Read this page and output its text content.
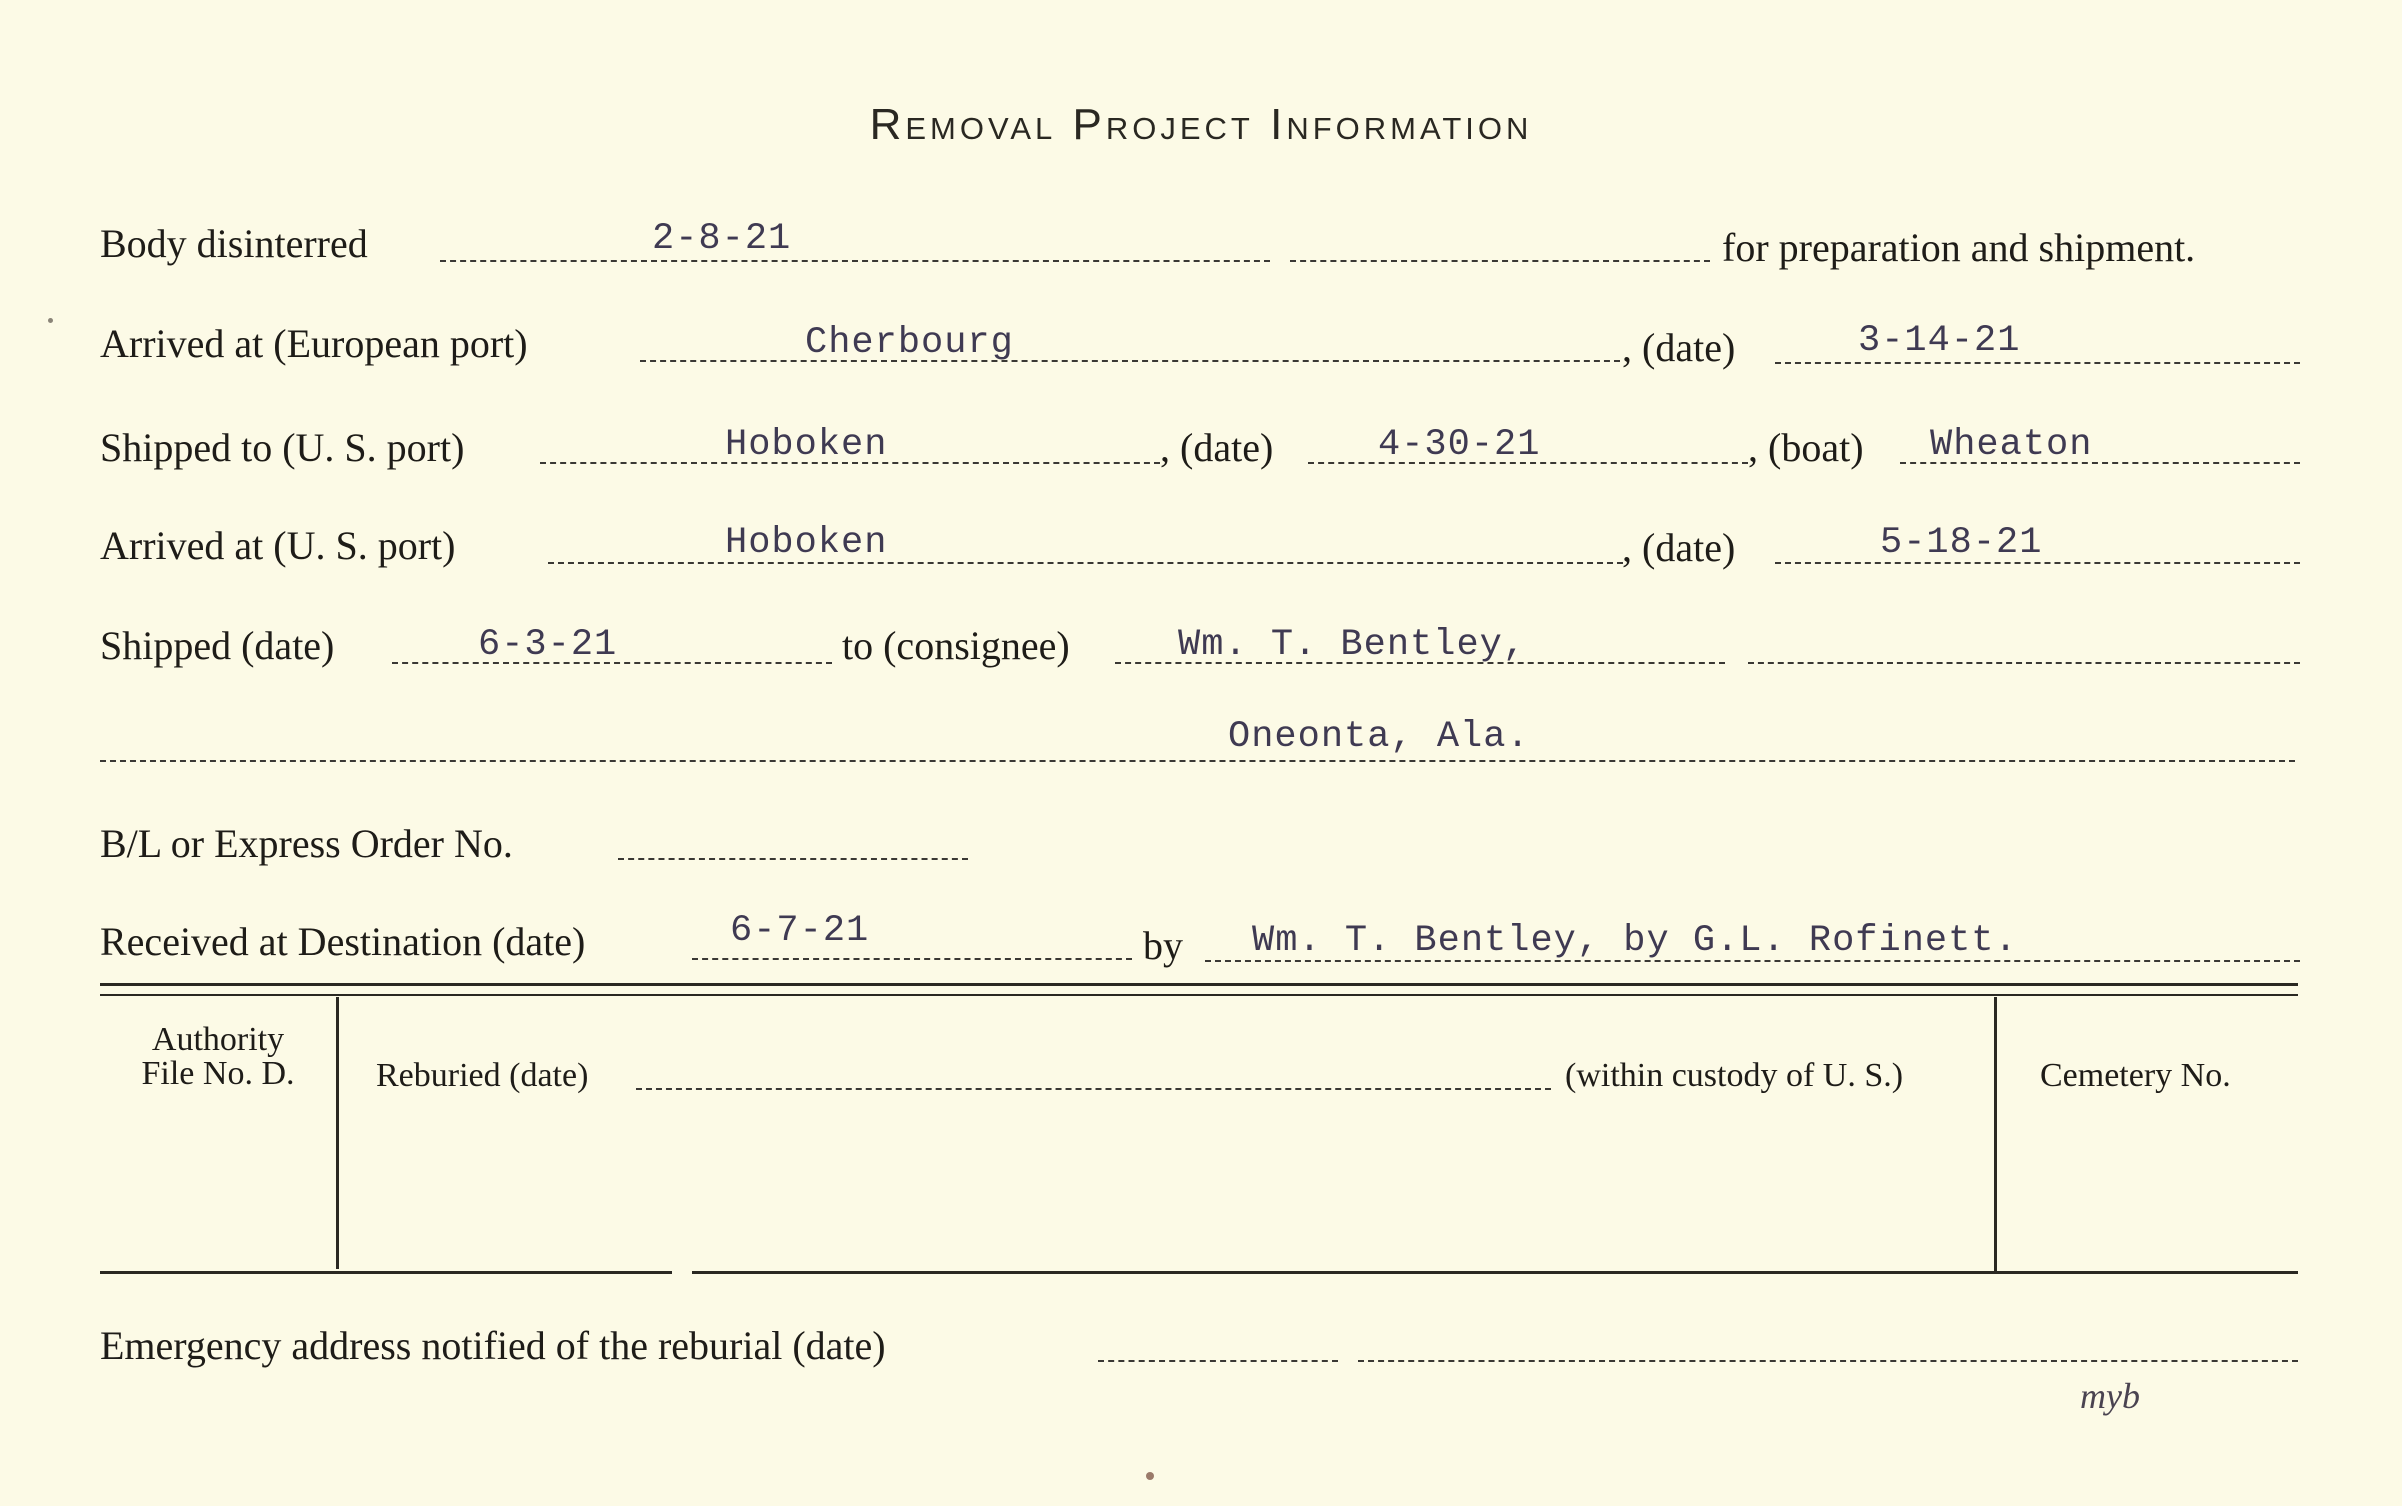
Removal Project Information
Body disinterred	2-8-21	for preparation and shipment.
Arrived at (European port)	Cherbourg	, (date)	3-14-21
Shipped to (U. S. port)	Hoboken	, (date)	4-30-21	, (boat) Wheaton
Arrived at (U. S. port)	Hoboken	, (date)	5-18-21
Shipped (date)	6-3-21	to (consignee)	Wm. T. Bentley,
Oneonta, Ala.
B/L or Express Order No.
Received at Destination (date)	6-7-21	by Wm. T. Bentley, by G.L. Rofinett.
Authority
File No. D.	Reburied (date)	(within custody of U. S.)	Cemetery No.
Emergency address notified of the reburial (date)
myb
